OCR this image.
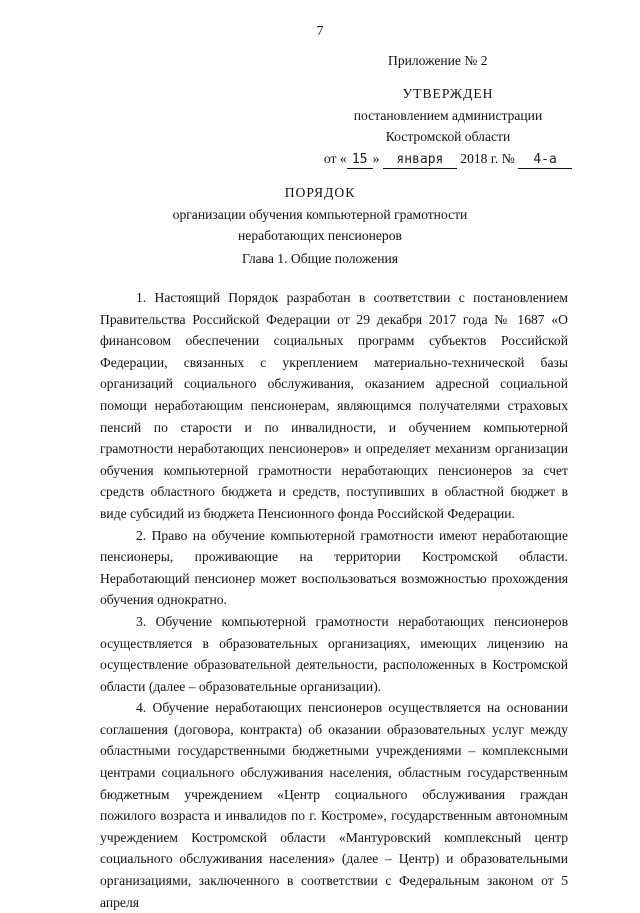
7
Приложение № 2
УТВЕРЖДЕН
постановлением администрации
Костромской области
от « 15 » января 2018 г. № 4-а
ПОРЯДОК
организации обучения компьютерной грамотности
неработающих пенсионеров
Глава 1. Общие положения

1. Настоящий Порядок разработан в соответствии с постановлением Правительства Российской Федерации от 29 декабря 2017 года № 1687 «О финансовом обеспечении социальных программ субъектов Российской Федерации, связанных с укреплением материально-технической базы организаций социального обслуживания, оказанием адресной социальной помощи неработающим пенсионерам, являющимся получателями страховых пенсий по старости и по инвалидности, и обучением компьютерной грамотности неработающих пенсионеров» и определяет механизм организации обучения компьютерной грамотности неработающих пенсионеров за счет средств областного бюджета и средств, поступивших в областной бюджет в виде субсидий из бюджета Пенсионного фонда Российской Федерации.

2. Право на обучение компьютерной грамотности имеют неработающие пенсионеры, проживающие на территории Костромской области. Неработающий пенсионер может воспользоваться возможностью прохождения обучения однократно.

3. Обучение компьютерной грамотности неработающих пенсионеров осуществляется в образовательных организациях, имеющих лицензию на осуществление образовательной деятельности, расположенных в Костромской области (далее – образовательные организации).

4. Обучение неработающих пенсионеров осуществляется на основании соглашения (договора, контракта) об оказании образовательных услуг между областными государственными бюджетными учреждениями – комплексными центрами социального обслуживания населения, областным государственным бюджетным учреждением «Центр социального обслуживания граждан пожилого возраста и инвалидов по г. Костроме», государственным автономным учреждением Костромской области «Мантуровский комплексный центр социального обслуживания населения» (далее – Центр) и образовательными организациями, заключенного в соответствии с Федеральным законом от 5 апреля
